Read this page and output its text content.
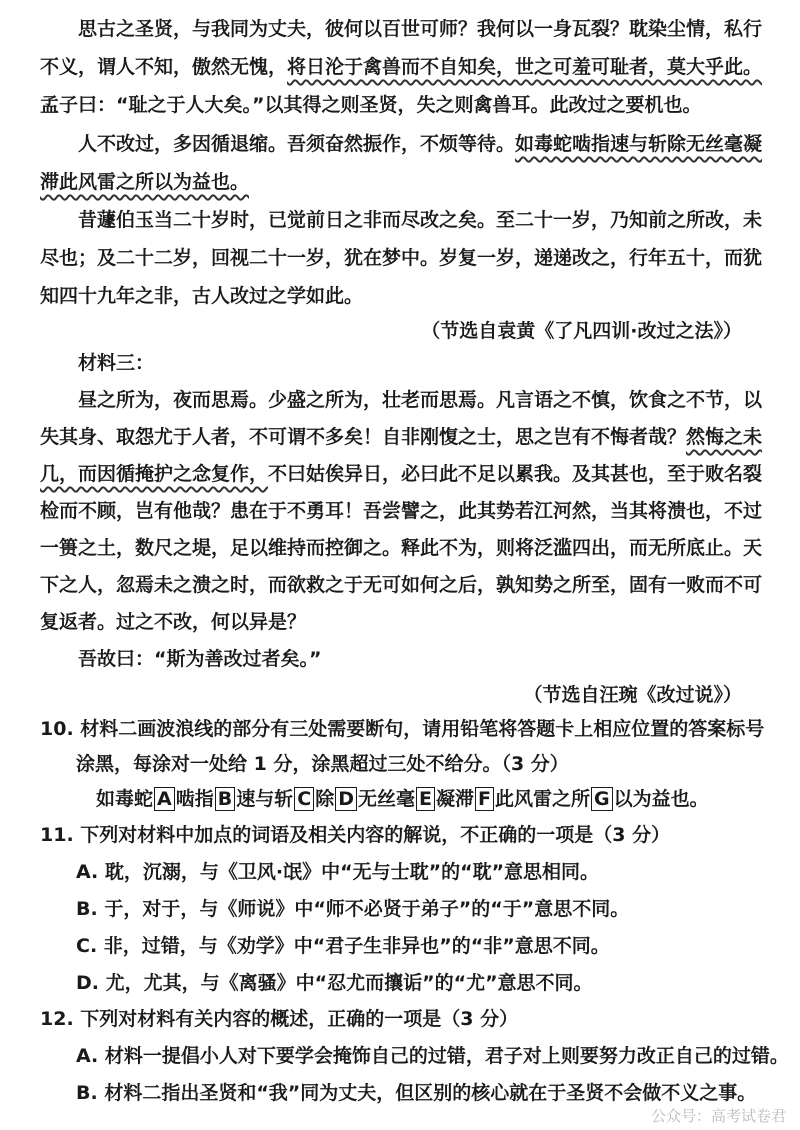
思古之圣贤，与我同为丈夫，彼何以百世可师？我何以一身瓦裂？耽染尘情，私行
不义，谓人不知，傲然无愧，将日沦于禽兽而不自知矣，世之可羞可耻者，莫大乎此。
孟子曰：“耻之于人大矣。”以其得之则圣贤，失之则禽兽耳。此改过之要机也。
人不改过，多因循退缩。吾须奋然振作，不烦等待。如毒蛇啮指速与斩除无丝毫凝
滞此风雷之所以为益也。
昔蘧伯玉当二十岁时，已觉前日之非而尽改之矣。至二十一岁，乃知前之所改，未
尽也；及二十二岁，回视二十一岁，犹在梦中。岁复一岁，递递改之，行年五十，而犹
知四十九年之非，古人改过之学如此。
（节选自袁黄《了凡四训·改过之法》）
材料三：
昼之所为，夜而思焉。少盛之所为，壮老而思焉。凡言语之不慎，饮食之不节，以
失其身、取怨尤于人者，不可谓不多矣！自非刚愎之士，思之岂有不悔者哉？然悔之未
几，而因循掩护之念复作，不曰姑俟异日，必曰此不足以累我。及其甚也，至于败名裂
检而不顾，岂有他哉？患在于不勇耳！吾尝譬之，此其势若江河然，当其将溃也，不过
一篑之土，数尺之堤，足以维持而控御之。释此不为，则将泛滥四出，而无所底止。天
下之人，忽焉未之溃之时，而欲救之于无可如何之后，孰知势之所至，固有一败而不可
复返者。过之不改，何以异是？
吾故曰：“斯为善改过者矣。”
（节选自汪琬《改过说》）
10. 材料二画波浪线的部分有三处需要断句，请用铅笔将答题卡上相应位置的答案标号
涂黑，每涂对一处给 1 分，涂黑超过三处不给分。（3 分）
如毒蛇 A 啮指 B 速与斩 C 除 D 无丝毫 E 凝滞 F 此风雷之所 G 以为益也。
11. 下列对材料中加点的词语及相关内容的解说，不正确的一项是（3 分）
A. 耽，沉溺，与《卫风·氓》中“无与士耽”的“耽”意思相同。
B. 于，对于，与《师说》中“师不必贤于弟子”的“于”意思不同。
C. 非，过错，与《劝学》中“君子生非异也”的“非”意思不同。
D. 尤，尤其，与《离骚》中“忍尤而攘诟”的“尤”意思不同。
12. 下列对材料有关内容的概述，正确的一项是（3 分）
A. 材料一提倡小人对下要学会掩饰自己的过错，君子对上则要努力改正自己的过错。
B. 材料二指出圣贤和“我”同为丈夫，但区别的核心就在于圣贤不会做不义之事。
公众号：高考试卷君
